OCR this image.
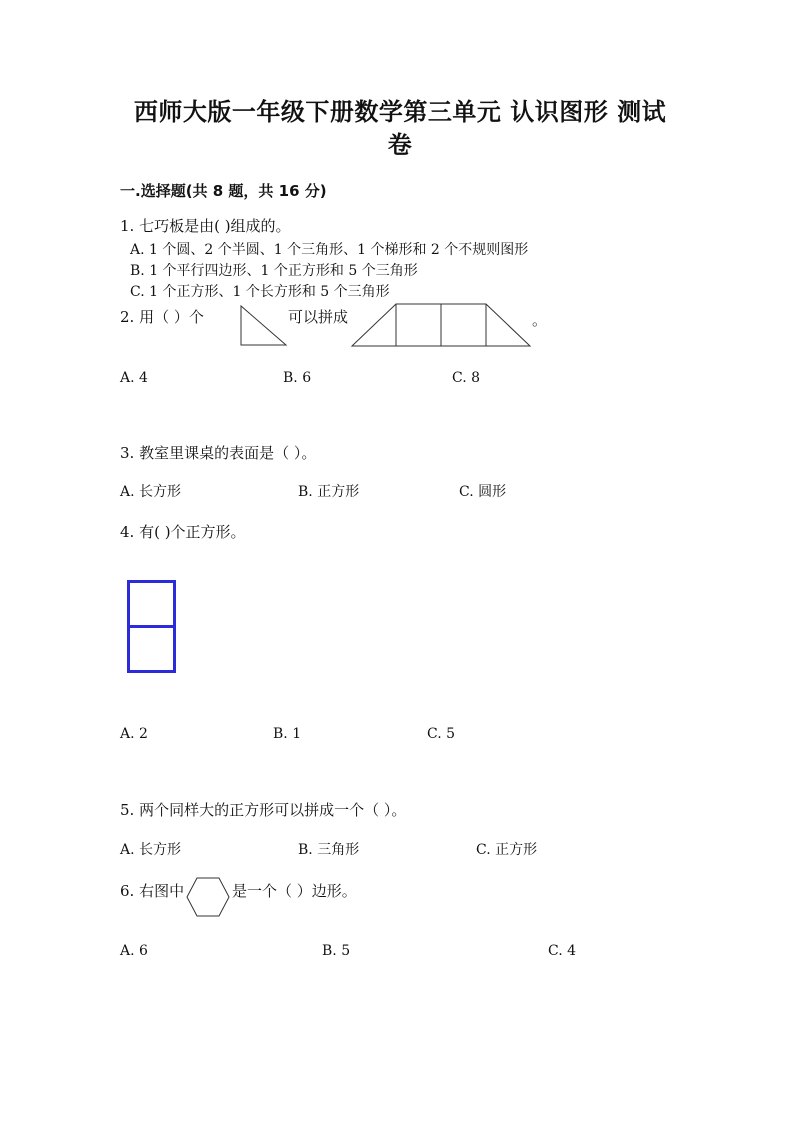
西师大版一年级下册数学第三单元 认识图形 测试
卷
一.选择题(共 8 题，共 16 分)
1. 七巧板是由( )组成的。
A. 1 个圆、2 个半圆、1 个三角形、1 个梯形和 2 个不规则图形
B. 1 个平行四边形、1 个正方形和 5 个三角形
C. 1 个正方形、1 个长方形和 5 个三角形
2. 用（ ）个	可以拼成	。
A. 4	B. 6	C. 8
3. 教室里课桌的表面是（ ）。
A. 长方形	B. 正方形	C. 圆形
4. 有( )个正方形。
A. 2	B. 1	C. 5
5. 两个同样大的正方形可以拼成一个（ ）。
A. 长方形	B. 三角形	C. 正方形
6. 右图中	是一个（ ）边形。
A. 6	B. 5	C. 4
